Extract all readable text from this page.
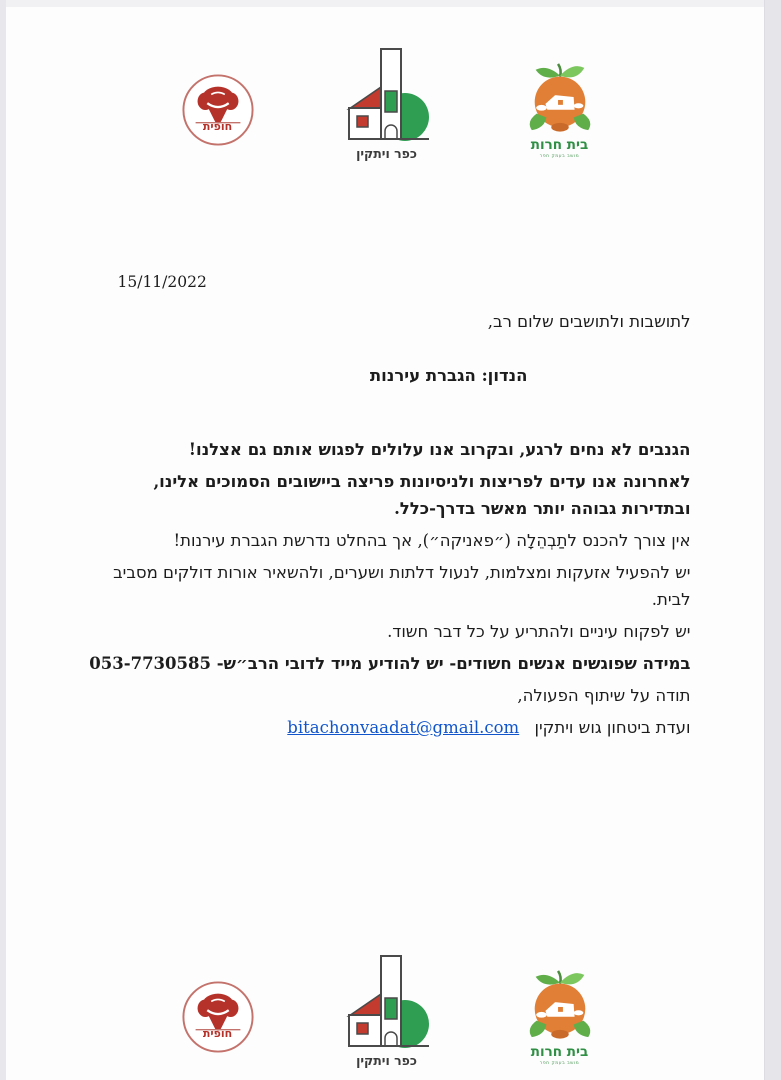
חופית
כפר ויתקין
בית חרות
מושב בעמק חפר
15/11/2022
לתושבות ולתושבים שלום רב,
הנדון: הגברת עירנות

הגנבים לא נחים לרגע, ובקרוב אנו עלולים לפגוש אותם גם אצלנו!

לאחרונה אנו עדים לפריצות ולניסיונות פריצה ביישובים הסמוכים אלינו, ובתדירות גבוהה יותר מאשר בדרך-כלל.

אין צורך להכנס לתַבְהֵלָה (״פאניקה״), אך בהחלט נדרשת הגברת עירנות!

יש להפעיל אזעקות ומצלמות, לנעול דלתות ושערים, ולהשאיר אורות דולקים מסביב לבית.

יש לפקוח עיניים ולהתריע על כל דבר חשוד.

במידה שפוגשים אנשים חשודים- יש להודיע מייד לדובי הרב״ש- 053-7730585

תודה על שיתוף הפעולה,
ועדת ביטחון גוש ויתקין bitachonvaadat@gmail.com
חופית
כפר ויתקין
בית חרות
מושב בעמק חפר
